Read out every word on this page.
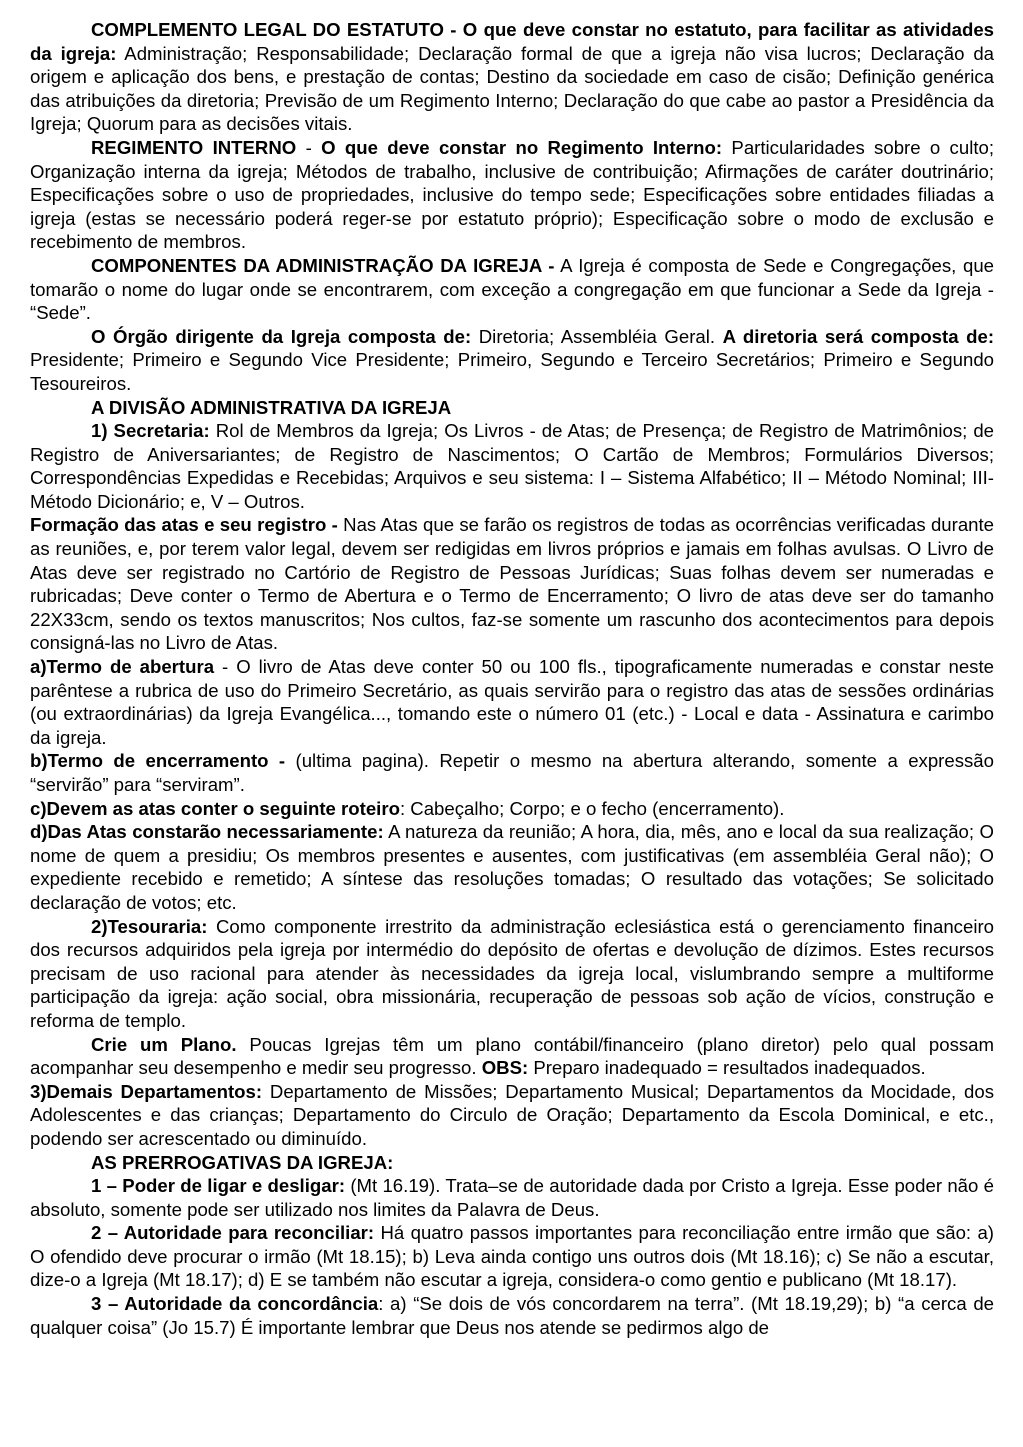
COMPLEMENTO LEGAL DO ESTATUTO - O que deve constar no estatuto, para facilitar as atividades da igreja: Administração; Responsabilidade; Declaração formal de que a igreja não visa lucros; Declaração da origem e aplicação dos bens, e prestação de contas; Destino da sociedade em caso de cisão; Definição genérica das atribuições da diretoria; Previsão de um Regimento Interno; Declaração do que cabe ao pastor a Presidência da Igreja; Quorum para as decisões vitais.

REGIMENTO INTERNO - O que deve constar no Regimento Interno: Particularidades sobre o culto; Organização interna da igreja; Métodos de trabalho, inclusive de contribuição; Afirmações de caráter doutrinário; Especificações sobre o uso de propriedades, inclusive do tempo sede; Especificações sobre entidades filiadas a igreja (estas se necessário poderá reger-se por estatuto próprio); Especificação sobre o modo de exclusão e recebimento de membros.

COMPONENTES DA ADMINISTRAÇÃO DA IGREJA - A Igreja é composta de Sede e Congregações, que tomarão o nome do lugar onde se encontrarem, com exceção a congregação em que funcionar a Sede da Igreja - “Sede”.

O Órgão dirigente da Igreja composta de: Diretoria; Assembléia Geral. A diretoria será composta de: Presidente; Primeiro e Segundo Vice Presidente; Primeiro, Segundo e Terceiro Secretários; Primeiro e Segundo Tesoureiros.

A DIVISÃO ADMINISTRATIVA DA IGREJA

1) Secretaria: Rol de Membros da Igreja; Os Livros - de Atas; de Presença; de Registro de Matrimônios; de Registro de Aniversariantes; de Registro de Nascimentos; O Cartão de Membros; Formulários Diversos; Correspondências Expedidas e Recebidas; Arquivos e seu sistema: I – Sistema Alfabético; II – Método Nominal; III- Método Dicionário; e, V – Outros.

Formação das atas e seu registro - Nas Atas que se farão os registros de todas as ocorrências verificadas durante as reuniões, e, por terem valor legal, devem ser redigidas em livros próprios e jamais em folhas avulsas. O Livro de Atas deve ser registrado no Cartório de Registro de Pessoas Jurídicas; Suas folhas devem ser numeradas e rubricadas; Deve conter o Termo de Abertura e o Termo de Encerramento; O livro de atas deve ser do tamanho 22X33cm, sendo os textos manuscritos; Nos cultos, faz-se somente um rascunho dos acontecimentos para depois consigná-las no Livro de Atas.

a)Termo de abertura - O livro de Atas deve conter 50 ou 100 fls., tipograficamente numeradas e constar neste parêntese a rubrica de uso do Primeiro Secretário, as quais servirão para o registro das atas de sessões ordinárias (ou extraordinárias) da Igreja Evangélica..., tomando este o número 01 (etc.) - Local e data - Assinatura e carimbo da igreja.

b)Termo de encerramento - (ultima pagina). Repetir o mesmo na abertura alterando, somente a expressão “servirão” para “serviram”.

c)Devem as atas conter o seguinte roteiro: Cabeçalho; Corpo; e o fecho (encerramento).

d)Das Atas constarão necessariamente: A natureza da reunião; A hora, dia, mês, ano e local da sua realização; O nome de quem a presidiu; Os membros presentes e ausentes, com justificativas (em assembléia Geral não); O expediente recebido e remetido; A síntese das resoluções tomadas; O resultado das votações; Se solicitado declaração de votos; etc.

2)Tesouraria: Como componente irrestrito da administração eclesiástica está o gerenciamento financeiro dos recursos adquiridos pela igreja por intermédio do depósito de ofertas e devolução de dízimos. Estes recursos precisam de uso racional para atender às necessidades da igreja local, vislumbrando sempre a multiforme participação da igreja: ação social, obra missionária, recuperação de pessoas sob ação de vícios, construção e reforma de templo.

Crie um Plano. Poucas Igrejas têm um plano contábil/financeiro (plano diretor) pelo qual possam acompanhar seu desempenho e medir seu progresso. OBS: Preparo inadequado = resultados inadequados.

3)Demais Departamentos: Departamento de Missões; Departamento Musical; Departamentos da Mocidade, dos Adolescentes e das crianças; Departamento do Circulo de Oração; Departamento da Escola Dominical, e etc., podendo ser acrescentado ou diminuído.

AS PRERROGATIVAS DA IGREJA:

1 – Poder de ligar e desligar: (Mt 16.19). Trata–se de autoridade dada por Cristo a Igreja. Esse poder não é absoluto, somente pode ser utilizado nos limites da Palavra de Deus.

2 – Autoridade para reconciliar: Há quatro passos importantes para reconciliação entre irmão que são: a) O ofendido deve procurar o irmão (Mt 18.15); b) Leva ainda contigo uns outros dois (Mt 18.16); c) Se não a escutar, dize-o a Igreja (Mt 18.17); d) E se também não escutar a igreja, considera-o como gentio e publicano (Mt 18.17).

3 – Autoridade da concordância: a) “Se dois de vós concordarem na terra”. (Mt 18.19,29); b) “a cerca de qualquer coisa” (Jo 15.7) É importante lembrar que Deus nos atende se pedirmos algo de
